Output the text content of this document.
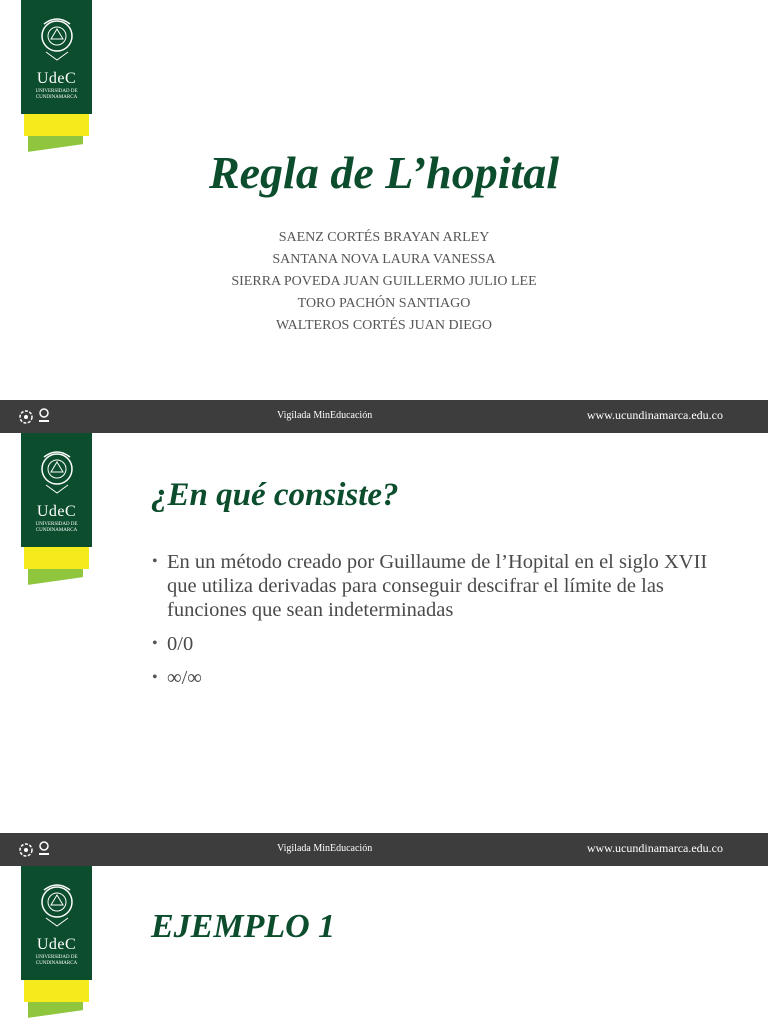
UdeC
UNIVERSIDAD DE CUNDINAMARCA
Regla de L’hopital
SAENZ CORTÉS BRAYAN ARLEY
SANTANA NOVA LAURA VANESSA
SIERRA POVEDA JUAN GUILLERMO JULIO LEE
TORO PACHÓN SANTIAGO
WALTEROS CORTÉS JUAN DIEGO
Vigilada MinEducación	www.ucundinamarca.edu.co
UdeC
UNIVERSIDAD DE CUNDINAMARCA
¿En qué consiste?
• En un método creado por Guillaume de l’Hopital en el siglo XVII que utiliza derivadas para conseguir descifrar el límite de las funciones que sean indeterminadas
• 0/0
• ∞/∞
Vigilada MinEducación	www.ucundinamarca.edu.co
UdeC
UNIVERSIDAD DE CUNDINAMARCA
EJEMPLO 1
